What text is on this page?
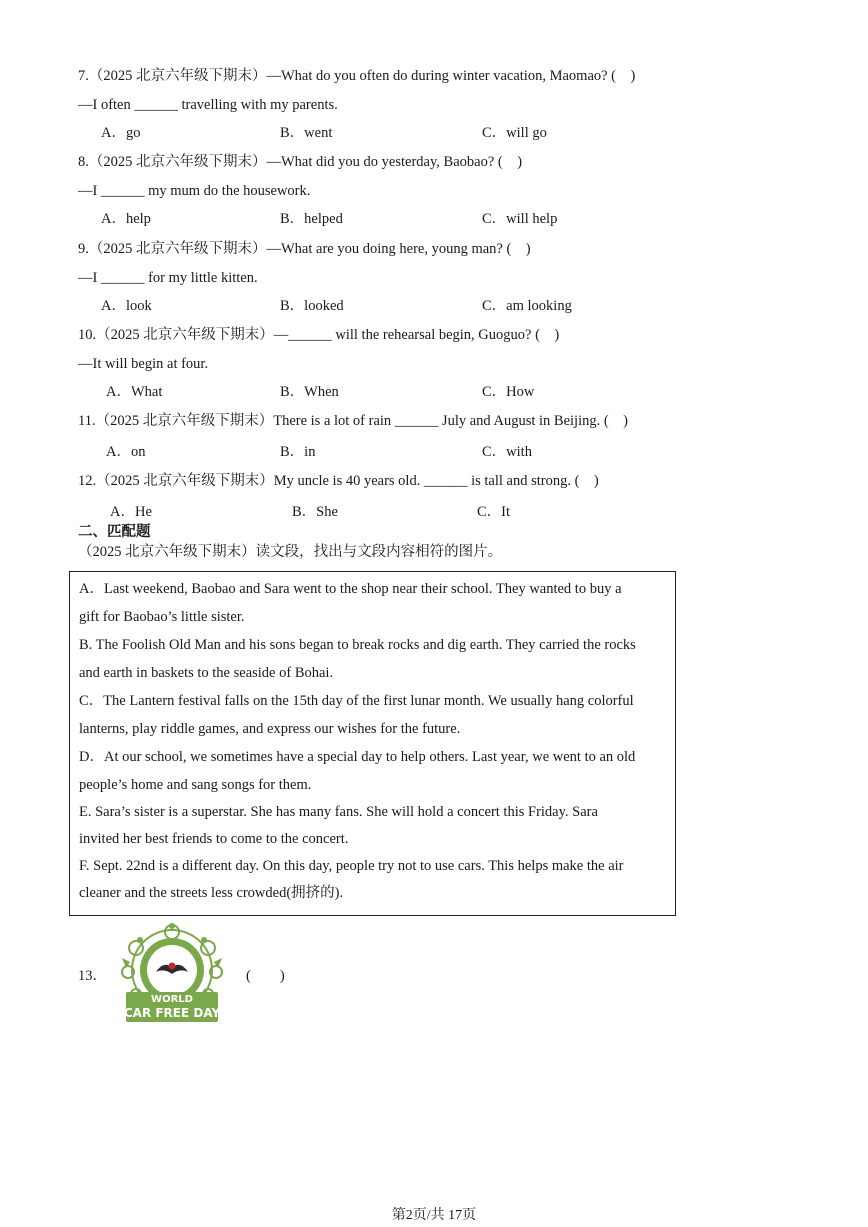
7.（2025 北京六年级下期末）—What do you often do during winter vacation, Maomao? (　)
—I often ______ travelling with my parents.
A．go	B．went	C．will go
8.（2025 北京六年级下期末）—What did you do yesterday, Baobao? (　)
—I ______ my mum do the housework.
A．help	B．helped	C．will help
9.（2025 北京六年级下期末）—What are you doing here, young man? (　)
—I ______ for my little kitten.
A．look	B．looked	C．am looking
10.（2025 北京六年级下期末）—______ will the rehearsal begin, Guoguo? (　)
—It will begin at four.
A．What	B．When	C．How
11.（2025 北京六年级下期末）There is a lot of rain ______ July and August in Beijing. (　)
A．on	B．in	C．with
12.（2025 北京六年级下期末）My uncle is 40 years old. ______ is tall and strong. (　)
A．He	B．She	C．It
二、匹配题
（2025 北京六年级下期末）读文段，找出与文段内容相符的图片。
A．Last weekend, Baobao and Sara went to the shop near their school. They wanted to buy a
gift for Baobao’s little sister.
B. The Foolish Old Man and his sons began to break rocks and dig earth. They carried the rocks
and earth in baskets to the seaside of Bohai.
C．The Lantern festival falls on the 15th day of the first lunar month. We usually hang colorful
lanterns, play riddle games, and express our wishes for the future.
D．At our school, we sometimes have a special day to help others. Last year, we went to an old
people’s home and sang songs for them.
E. Sara’s sister is a superstar. She has many fans. She will hold a concert this Friday. Sara
invited her best friends to come to the concert.
F. Sept. 22nd is a different day. On this day, people try not to use cars. This helps make the air
cleaner and the streets less crowded(拥挤的).
13．
WORLD
CAR FREE DAY
(　　)
第2页/共 17页
